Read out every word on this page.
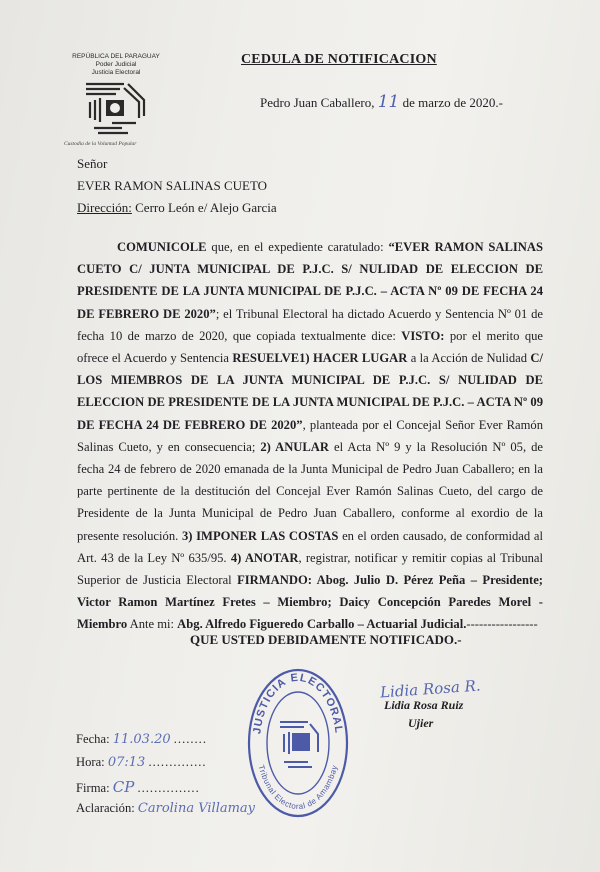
REPÚBLICA DEL PARAGUAY
Poder Judicial
Justicia Electoral
Custodia de la Voluntad Popular
CEDULA DE NOTIFICACION
Pedro Juan Caballero, 11 de marzo de 2020.-
Señor
EVER RAMON SALINAS CUETO
Dirección: Cerro León e/ Alejo Garcia
COMUNICOLE que, en el expediente caratulado: “EVER RAMON SALINAS CUETO C/ JUNTA MUNICIPAL DE P.J.C. S/ NULIDAD DE ELECCION DE PRESIDENTE DE LA JUNTA MUNICIPAL DE P.J.C. – ACTA Nº 09 DE FECHA 24 DE FEBRERO DE 2020”; el Tribunal Electoral ha dictado Acuerdo y Sentencia Nº 01 de fecha 10 de marzo de 2020, que copiada textualmente dice: VISTO: por el merito que ofrece el Acuerdo y Sentencia RESUELVE1) HACER LUGAR a la Acción de Nulidad C/ LOS MIEMBROS DE LA JUNTA MUNICIPAL DE P.J.C. S/ NULIDAD DE ELECCION DE PRESIDENTE DE LA JUNTA MUNICIPAL DE P.J.C. – ACTA Nº 09 DE FECHA 24 DE FEBRERO DE 2020”, planteada por el Concejal Señor Ever Ramón Salinas Cueto, y en consecuencia; 2) ANULAR el Acta Nº 9 y la Resolución Nº 05, de fecha 24 de febrero de 2020 emanada de la Junta Municipal de Pedro Juan Caballero; en la parte pertinente de la destitución del Concejal Ever Ramón Salinas Cueto, del cargo de Presidente de la Junta Municipal de Pedro Juan Caballero, conforme al exordio de la presente resolución. 3) IMPONER LAS COSTAS en el orden causado, de conformidad al Art. 43 de la Ley Nº 635/95. 4) ANOTAR, registrar, notificar y remitir copias al Tribunal Superior de Justicia Electoral FIRMANDO: Abog. Julio D. Pérez Peña – Presidente; Victor Ramon Martínez Fretes – Miembro; Daicy Concepción Paredes Morel - Miembro Ante mi: Abg. Alfredo Figueredo Carballo – Actuarial Judicial.-----------------
QUE USTED DEBIDAMENTE NOTIFICADO.-
JUSTICIA ELECTORAL
Tribunal Electoral de Amambay
Lidia Rosa R.
Lidia Rosa Ruiz
Ujier
Fecha: 11.03.20 ........
Hora: 07:13 ..............
Firma: CP ...............
Aclaración: Carolina Villamay
